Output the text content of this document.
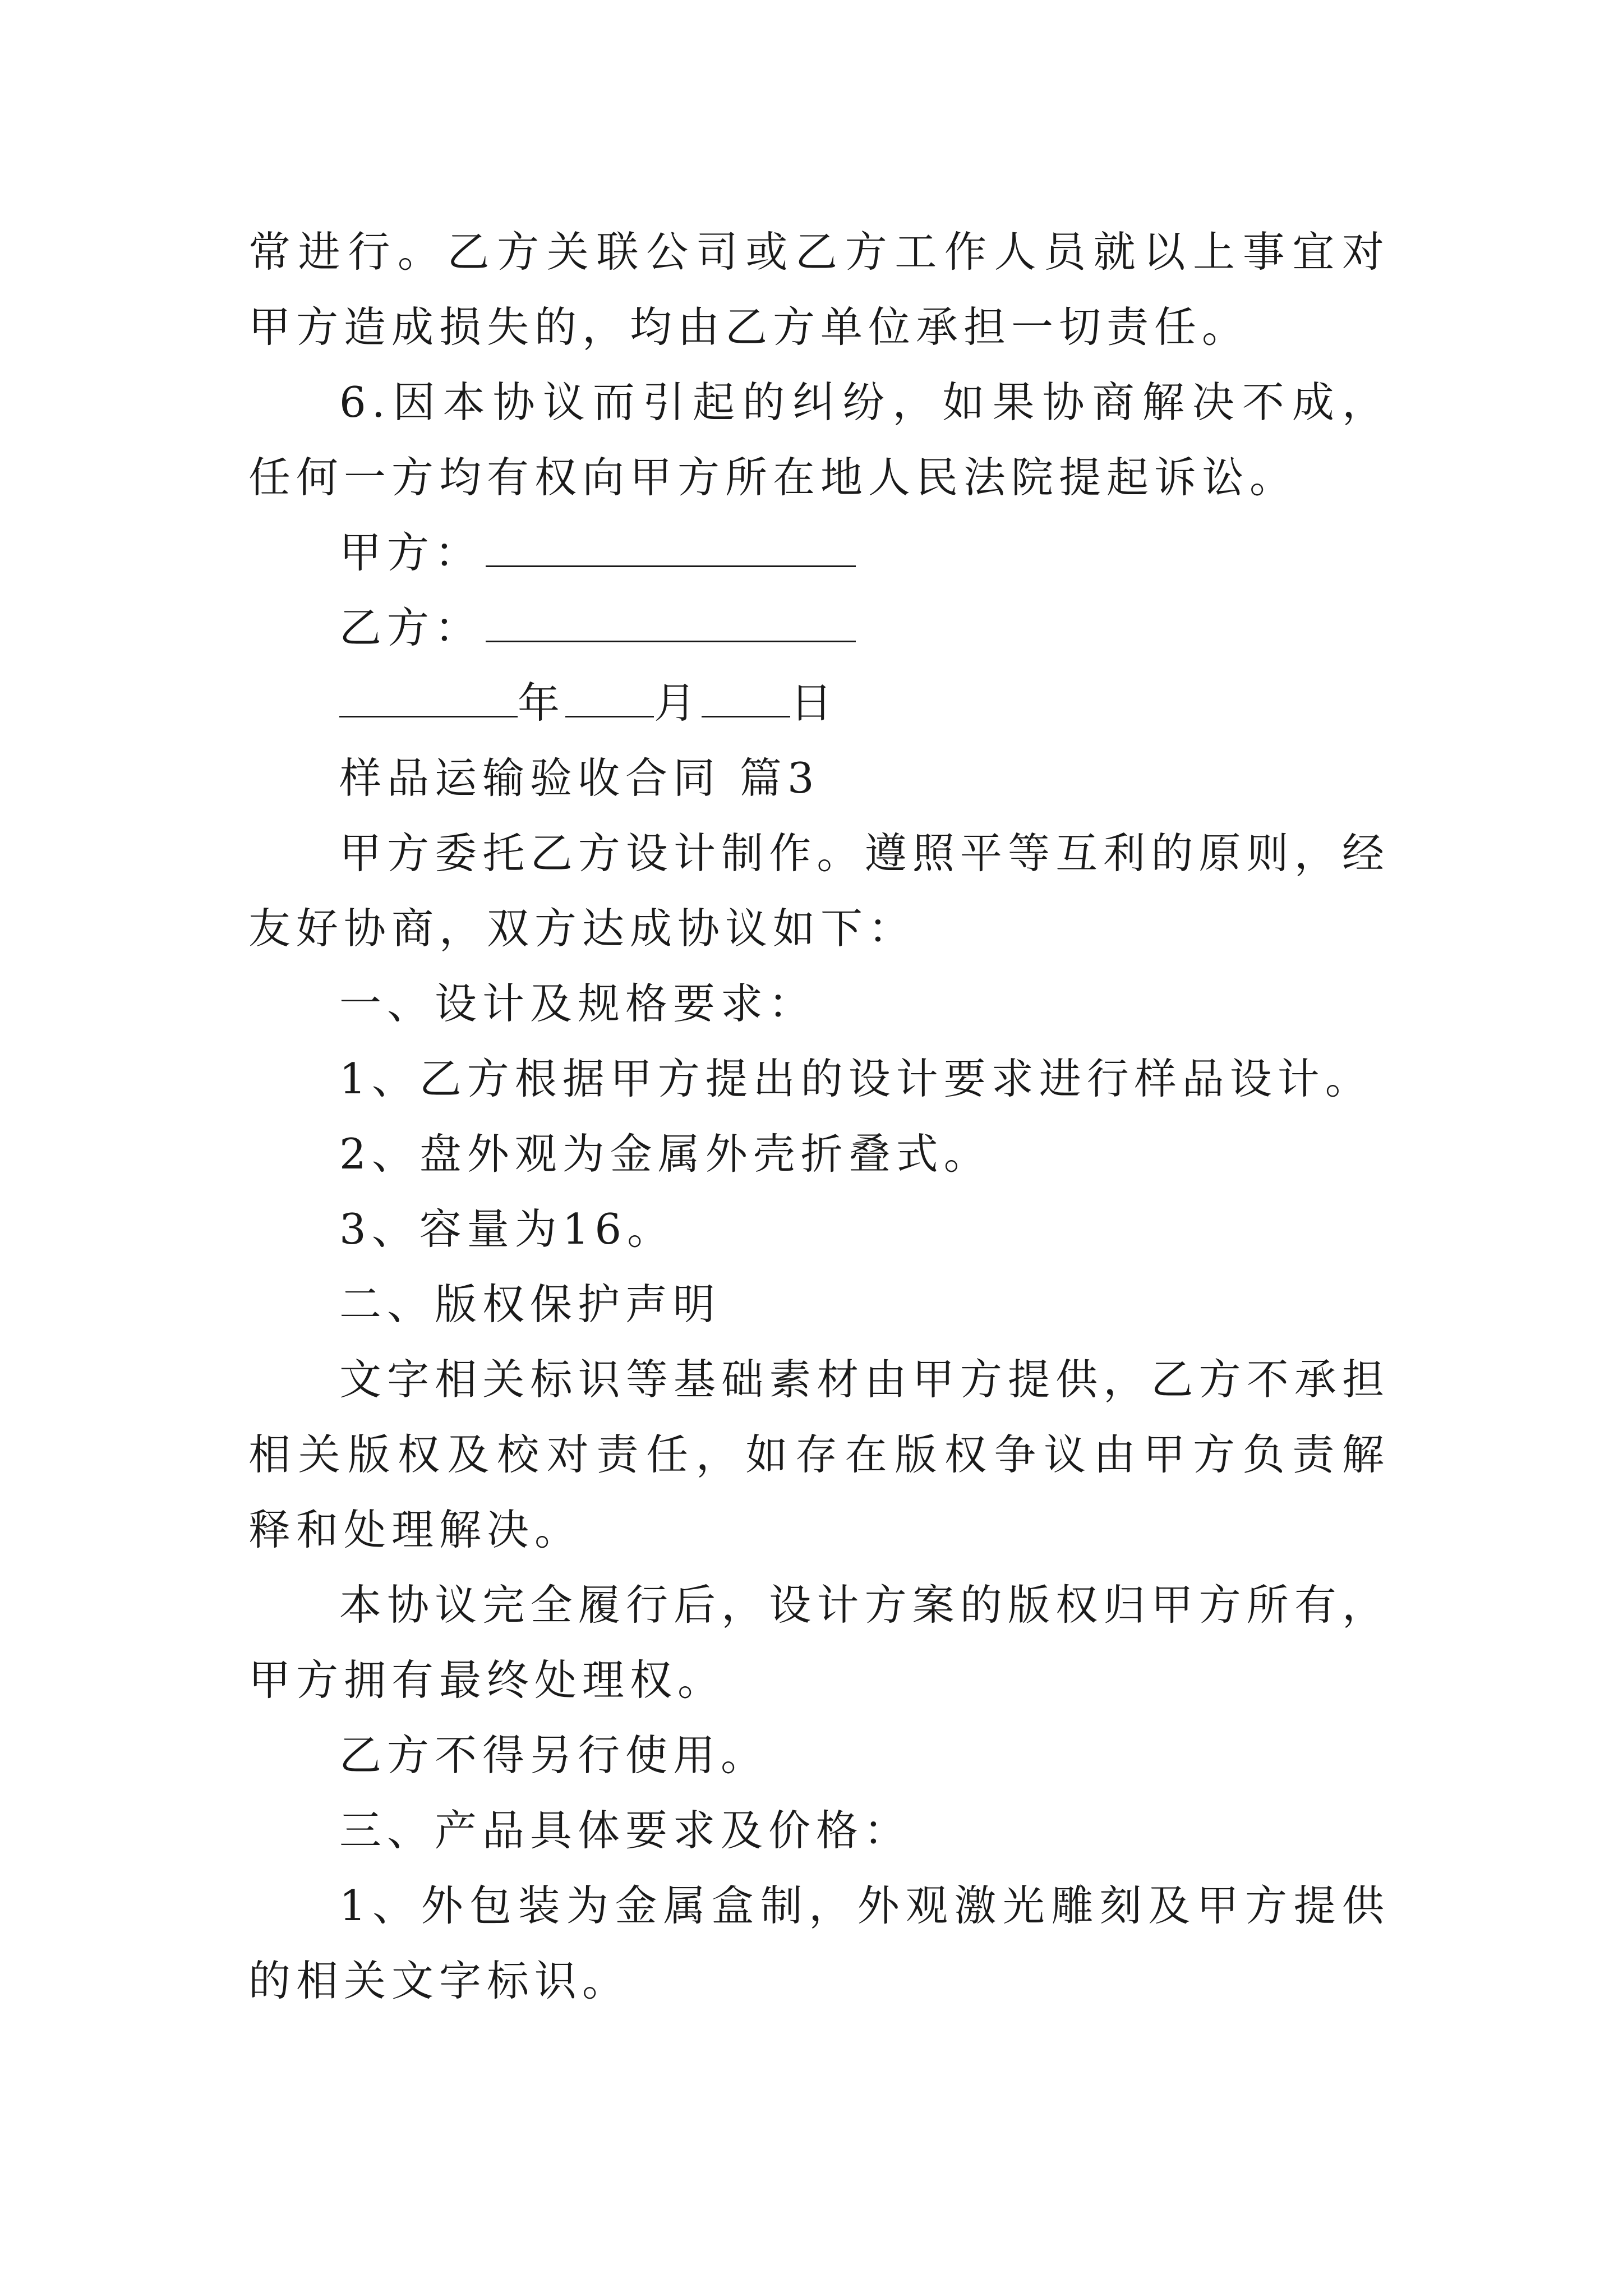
常进行。乙方关联公司或乙方工作人员就以上事宜对甲方造成损失的，均由乙方单位承担一切责任。

6.因本协议而引起的纠纷，如果协商解决不成，任何一方均有权向甲方所在地人民法院提起诉讼。

甲方：

乙方：

年 月 日

样品运输验收合同 篇3

甲方委托乙方设计制作。遵照平等互利的原则，经友好协商，双方达成协议如下：

一、设计及规格要求：

1、乙方根据甲方提出的设计要求进行样品设计。

2、盘外观为金属外壳折叠式。

3、容量为16。

二、版权保护声明

文字相关标识等基础素材由甲方提供，乙方不承担相关版权及校对责任，如存在版权争议由甲方负责解释和处理解决。

本协议完全履行后，设计方案的版权归甲方所有，甲方拥有最终处理权。

乙方不得另行使用。

三、产品具体要求及价格：

1、外包装为金属盒制，外观激光雕刻及甲方提供的相关文字标识。
